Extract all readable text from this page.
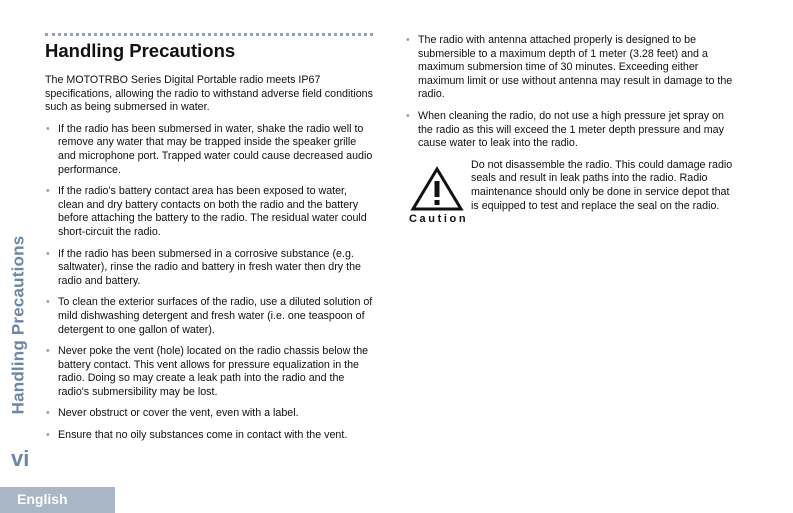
Handling Precautions
vi
English
Handling Precautions

The MOTOTRBO Series Digital Portable radio meets IP67 specifications, allowing the radio to withstand adverse field conditions such as being submersed in water.

• If the radio has been submersed in water, shake the radio well to remove any water that may be trapped inside the speaker grille and microphone port. Trapped water could cause decreased audio performance.
• If the radio's battery contact area has been exposed to water, clean and dry battery contacts on both the radio and the battery before attaching the battery to the radio. The residual water could short-circuit the radio.
• If the radio has been submersed in a corrosive substance (e.g. saltwater), rinse the radio and battery in fresh water then dry the radio and battery.
• To clean the exterior surfaces of the radio, use a diluted solution of mild dishwashing detergent and fresh water (i.e. one teaspoon of detergent to one gallon of water).
• Never poke the vent (hole) located on the radio chassis below the battery contact. This vent allows for pressure equalization in the radio. Doing so may create a leak path into the radio and the radio's submersibility may be lost.
• Never obstruct or cover the vent, even with a label.
• Ensure that no oily substances come in contact with the vent.
• The radio with antenna attached properly is designed to be submersible to a maximum depth of 1 meter (3.28 feet) and a maximum submersion time of 30 minutes. Exceeding either maximum limit or use without antenna may result in damage to the radio.
• When cleaning the radio, do not use a high pressure jet spray on the radio as this will exceed the 1 meter depth pressure and may cause water to leak into the radio.
Caution
Do not disassemble the radio. This could damage radio seals and result in leak paths into the radio. Radio maintenance should only be done in service depot that is equipped to test and replace the seal on the radio.
